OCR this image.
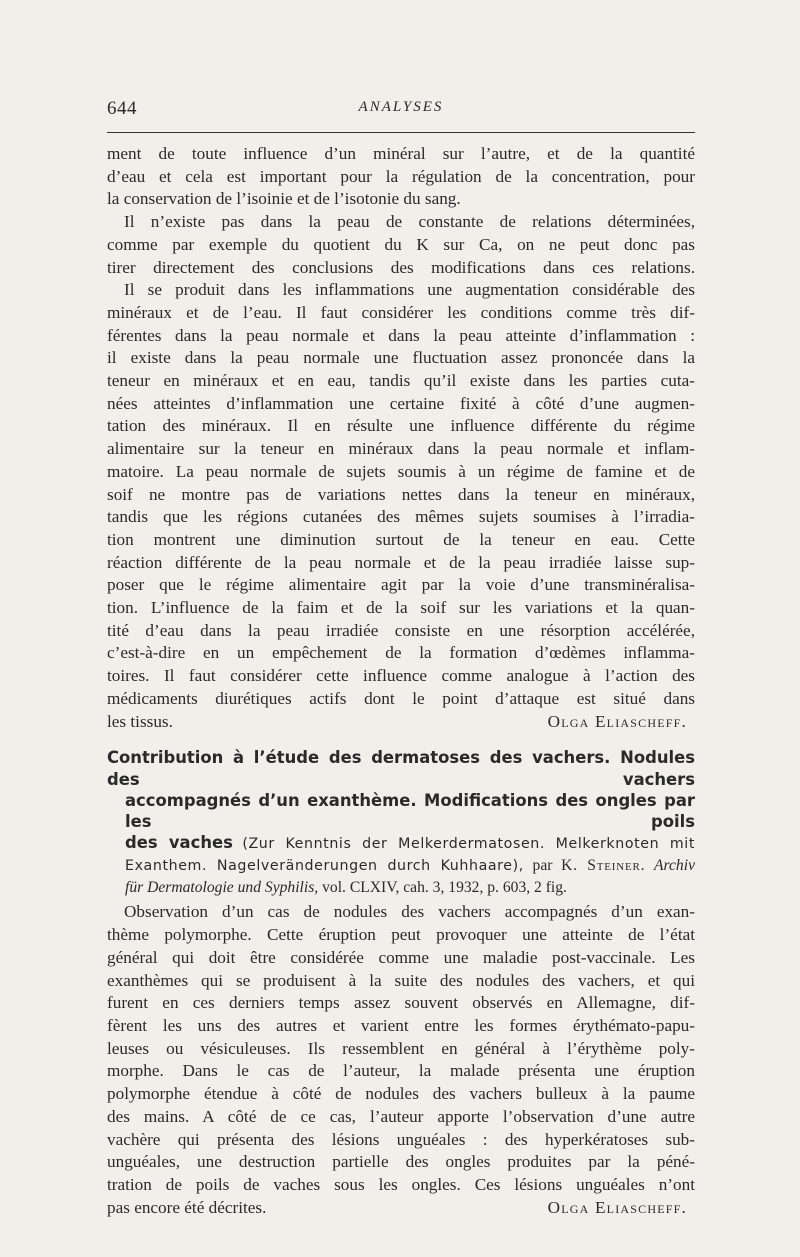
644	ANALYSES
ment de toute influence d’un minéral sur l’autre, et de la quantité
d’eau et cela est important pour la régulation de la concentration, pour
la conservation de l’isoinie et de l’isotonie du sang.
Il n’existe pas dans la peau de constante de relations déterminées,
comme par exemple du quotient du K sur Ca, on ne peut donc pas
tirer directement des conclusions des modifications dans ces relations.
Il se produit dans les inflammations une augmentation considérable des
minéraux et de l’eau. Il faut considérer les conditions comme très dif-
férentes dans la peau normale et dans la peau atteinte d’inflammation :
il existe dans la peau normale une fluctuation assez prononcée dans la
teneur en minéraux et en eau, tandis qu’il existe dans les parties cuta-
nées atteintes d’inflammation une certaine fixité à côté d’une augmen-
tation des minéraux. Il en résulte une influence différente du régime
alimentaire sur la teneur en minéraux dans la peau normale et inflam-
matoire. La peau normale de sujets soumis à un régime de famine et de
soif ne montre pas de variations nettes dans la teneur en minéraux,
tandis que les régions cutanées des mêmes sujets soumises à l’irradia-
tion montrent une diminution surtout de la teneur en eau. Cette
réaction différente de la peau normale et de la peau irradiée laisse sup-
poser que le régime alimentaire agit par la voie d’une transminéralisa-
tion. L’influence de la faim et de la soif sur les variations et la quan-
tité d’eau dans la peau irradiée consiste en une résorption accélérée,
c’est-à-dire en un empêchement de la formation d’œdèmes inflamma-
toires. Il faut considérer cette influence comme analogue à l’action des
médicaments diurétiques actifs dont le point d’attaque est situé dans
les tissus.	Olga Eliascheff.
Contribution à l’étude des dermatoses des vachers. Nodules des vachers
accompagnés d’un exanthème. Modifications des ongles par les poils
des vaches (Zur Kenntnis der Melkerdermatosen. Melkerknoten mit
Exanthem. Nagelveränderungen durch Kuhhaare), par K. Steiner. Archiv
für Dermatologie und Syphilis, vol. CLXIV, cah. 3, 1932, p. 603, 2 fig.
Observation d’un cas de nodules des vachers accompagnés d’un exan-
thème polymorphe. Cette éruption peut provoquer une atteinte de l’état
général qui doit être considérée comme une maladie post-vaccinale. Les
exanthèmes qui se produisent à la suite des nodules des vachers, et qui
furent en ces derniers temps assez souvent observés en Allemagne, dif-
fèrent les uns des autres et varient entre les formes érythémato-papu-
leuses ou vésiculeuses. Ils ressemblent en général à l’érythème poly-
morphe. Dans le cas de l’auteur, la malade présenta une éruption
polymorphe étendue à côté de nodules des vachers bulleux à la paume
des mains. A côté de ce cas, l’auteur apporte l’observation d’une autre
vachère qui présenta des lésions unguéales : des hyperkératoses sub-
unguéales, une destruction partielle des ongles produites par la péné-
tration de poils de vaches sous les ongles. Ces lésions unguéales n’ont
pas encore été décrites.	Olga Eliascheff.
